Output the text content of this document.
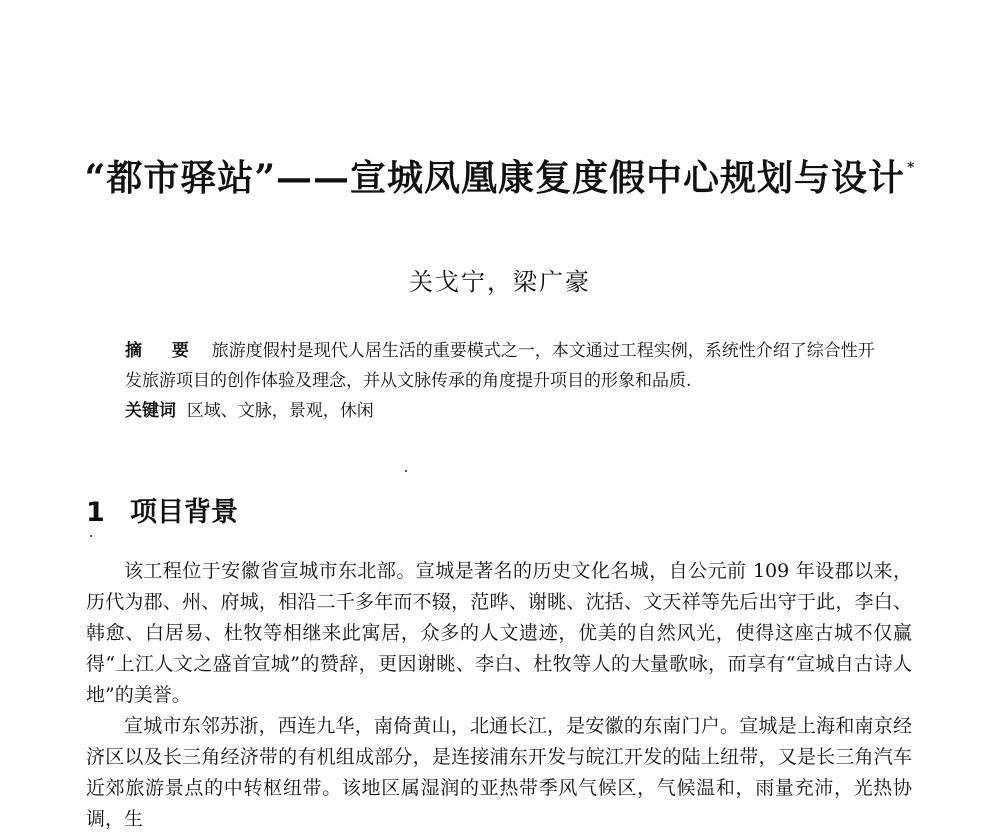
“都市驿站”——宣城凤凰康复度假中心规划与设计 *
关戈宁，梁广豪

摘 要 旅游度假村是现代人居生活的重要模式之一，本文通过工程实例，系统性介绍了综合性开发旅游项目的创作体验及理念，并从文脉传承的角度提升项目的形象和品质.

关键词 区域、文脉，景观，休闲

1 项目背景

该工程位于安徽省宣城市东北部。宣城是著名的历史文化名城，自公元前 109 年设郡以来，历代为郡、州、府城，相沿二千多年而不辍，范晔、谢眺、沈括、文天祥等先后出守于此，李白、韩愈、白居易、杜牧等相继来此寓居，众多的人文遗迹，优美的自然风光，使得这座古城不仅赢得“上江人文之盛首宣城”的赞辞，更因谢眺、李白、杜牧等人的大量歌咏，而享有“宣城自古诗人地”的美誉。

宣城市东邻苏浙，西连九华，南倚黄山，北通长江，是安徽的东南门户。宣城是上海和南京经济区以及长三角经济带的有机组成部分，是连接浦东开发与皖江开发的陆上纽带，又是长三角汽车近郊旅游景点的中转枢纽带。该地区属湿润的亚热带季风气候区，气候温和，雨量充沛，光热协调，生
